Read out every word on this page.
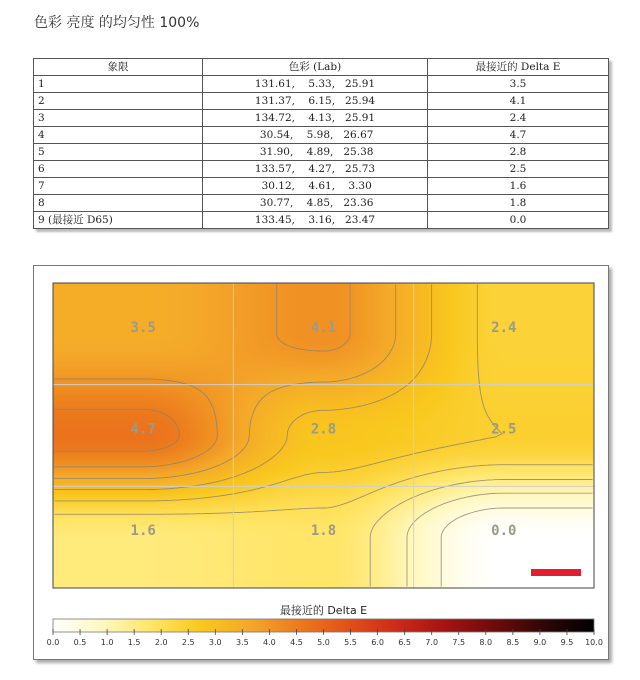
色彩 亮度 的均匀性 100%
象限	色彩 (Lab)	最接近的 Delta E
1	131.61,    5.33,   25.91	3.5
2	131.37,    6.15,   25.94	4.1
3	134.72,    4.13,   25.91	2.4
4	30.54,    5.98,   26.67	4.7
5	31.90,    4.89,   25.38	2.8
6	133.57,    4.27,   25.73	2.5
7	30.12,    4.61,    3.30	1.6
8	30.77,    4.85,   23.36	1.8
9 (最接近 D65)	133.45,    3.16,   23.47	0.0
3.5	4.1	2.4
4.7	2.8	2.5
1.6	1.8	0.0
最接近的 Delta E
0.0 0.5 1.0 1.5 2.0 2.5 3.0 3.5 4.0 4.5 5.0 5.5 6.0 6.5 7.0 7.5 8.0 8.5 9.0 9.5 10.0
